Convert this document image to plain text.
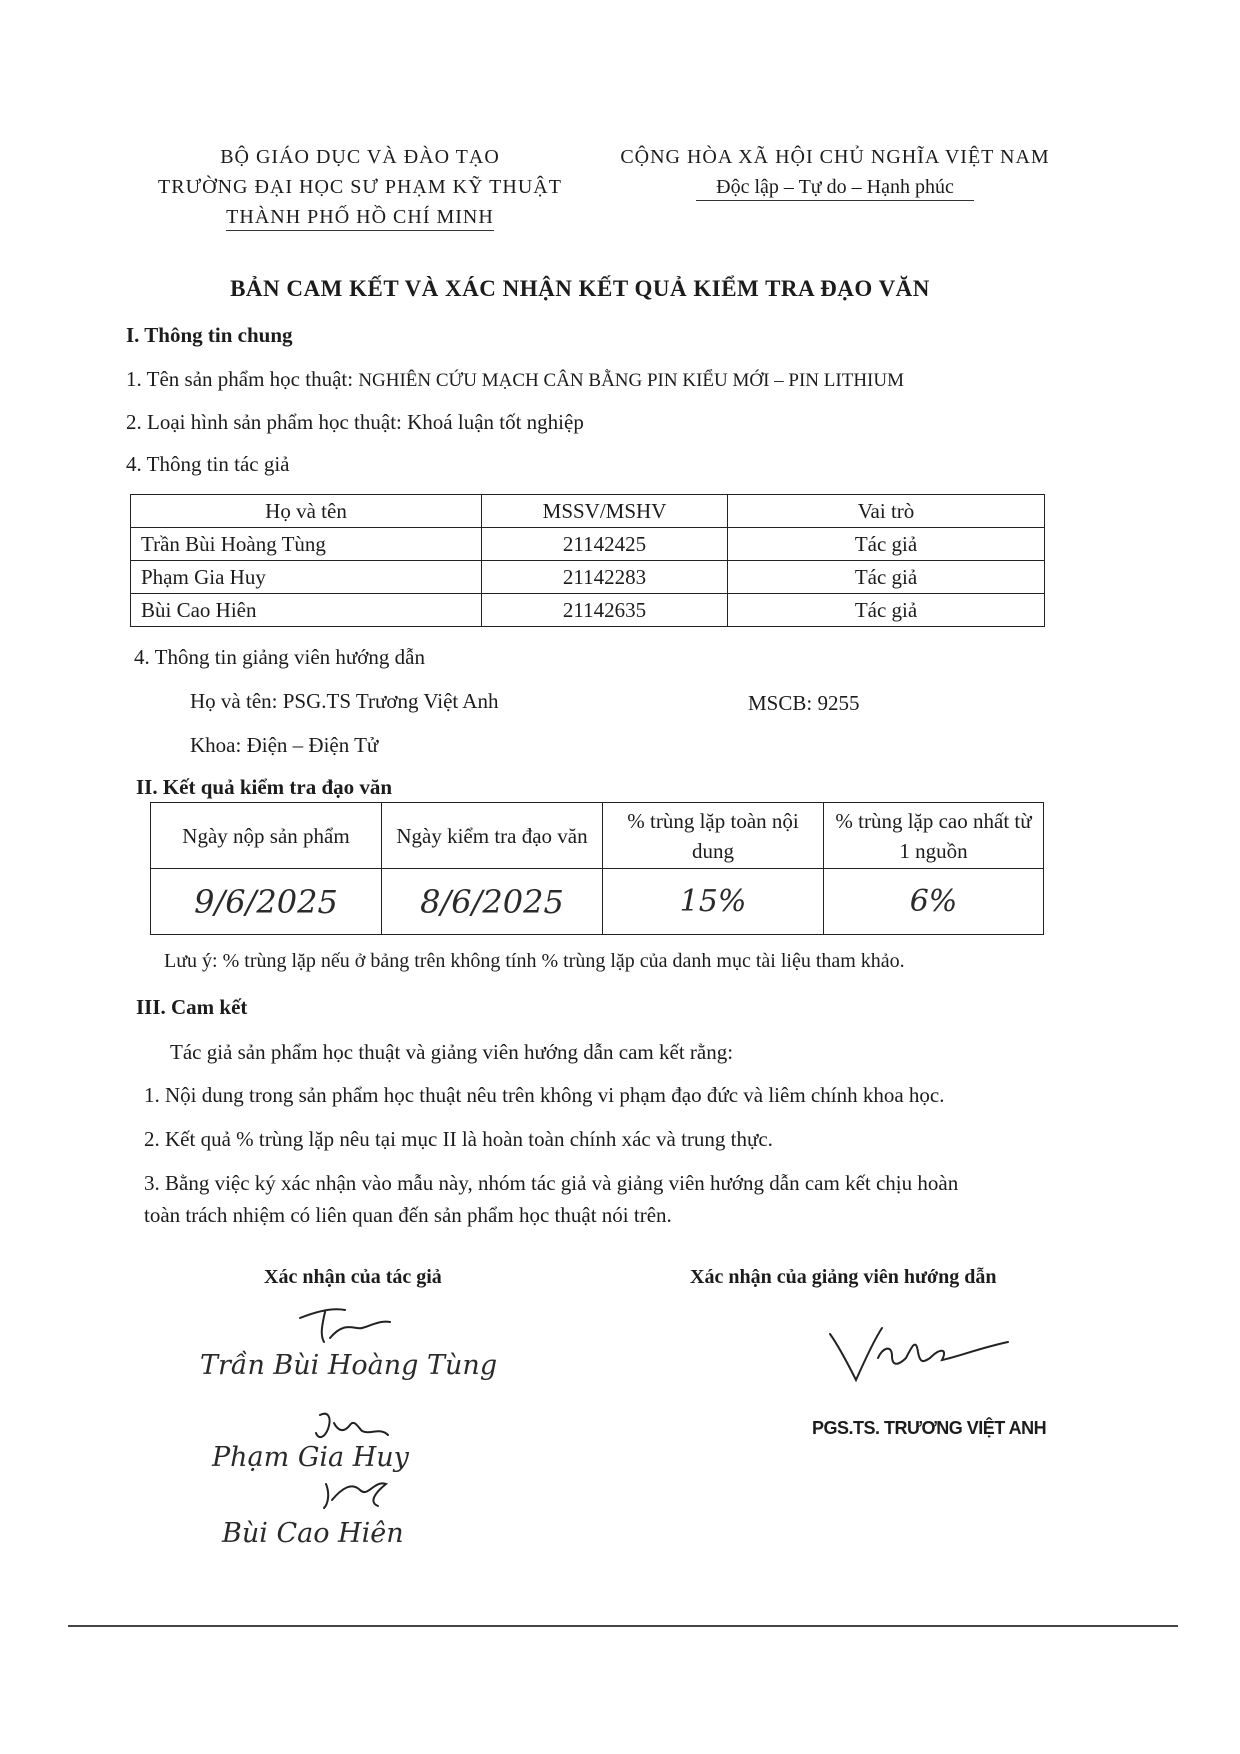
BỘ GIÁO DỤC VÀ ĐÀO TẠO
TRƯỜNG ĐẠI HỌC SƯ PHẠM KỸ THUẬT
THÀNH PHỐ HỒ CHÍ MINH
CỘNG HÒA XÃ HỘI CHỦ NGHĨA VIỆT NAM
Độc lập – Tự do – Hạnh phúc
BẢN CAM KẾT VÀ XÁC NHẬN KẾT QUẢ KIỂM TRA ĐẠO VĂN
I. Thông tin chung
1. Tên sản phẩm học thuật: NGHIÊN CỨU MẠCH CÂN BẰNG PIN KIỂU MỚI – PIN LITHIUM
2. Loại hình sản phẩm học thuật: Khoá luận tốt nghiệp
4. Thông tin tác giả
Họ và tên	MSSV/MSHV	Vai trò
Trần Bùi Hoàng Tùng	21142425	Tác giả
Phạm Gia Huy	21142283	Tác giả
Bùi Cao Hiên	21142635	Tác giả
4. Thông tin giảng viên hướng dẫn
Họ và tên: PSG.TS Trương Việt Anh	MSCB: 9255
Khoa: Điện – Điện Tử
II. Kết quả kiểm tra đạo văn
Ngày nộp sản phẩm	Ngày kiểm tra đạo văn	% trùng lặp toàn nội dung	% trùng lặp cao nhất từ 1 nguồn
9/6/2025	8/6/2025	15%	6%
Lưu ý: % trùng lặp nếu ở bảng trên không tính % trùng lặp của danh mục tài liệu tham khảo.
III. Cam kết
Tác giả sản phẩm học thuật và giảng viên hướng dẫn cam kết rằng:
1. Nội dung trong sản phẩm học thuật nêu trên không vi phạm đạo đức và liêm chính khoa học.
2. Kết quả % trùng lặp nêu tại mục II là hoàn toàn chính xác và trung thực.
3. Bằng việc ký xác nhận vào mẫu này, nhóm tác giả và giảng viên hướng dẫn cam kết chịu hoàn
toàn trách nhiệm có liên quan đến sản phẩm học thuật nói trên.
Xác nhận của tác giả	Xác nhận của giảng viên hướng dẫn
Trần Bùi Hoàng Tùng
Phạm Gia Huy
Bùi Cao Hiên
PGS.TS. TRƯƠNG VIỆT ANH
